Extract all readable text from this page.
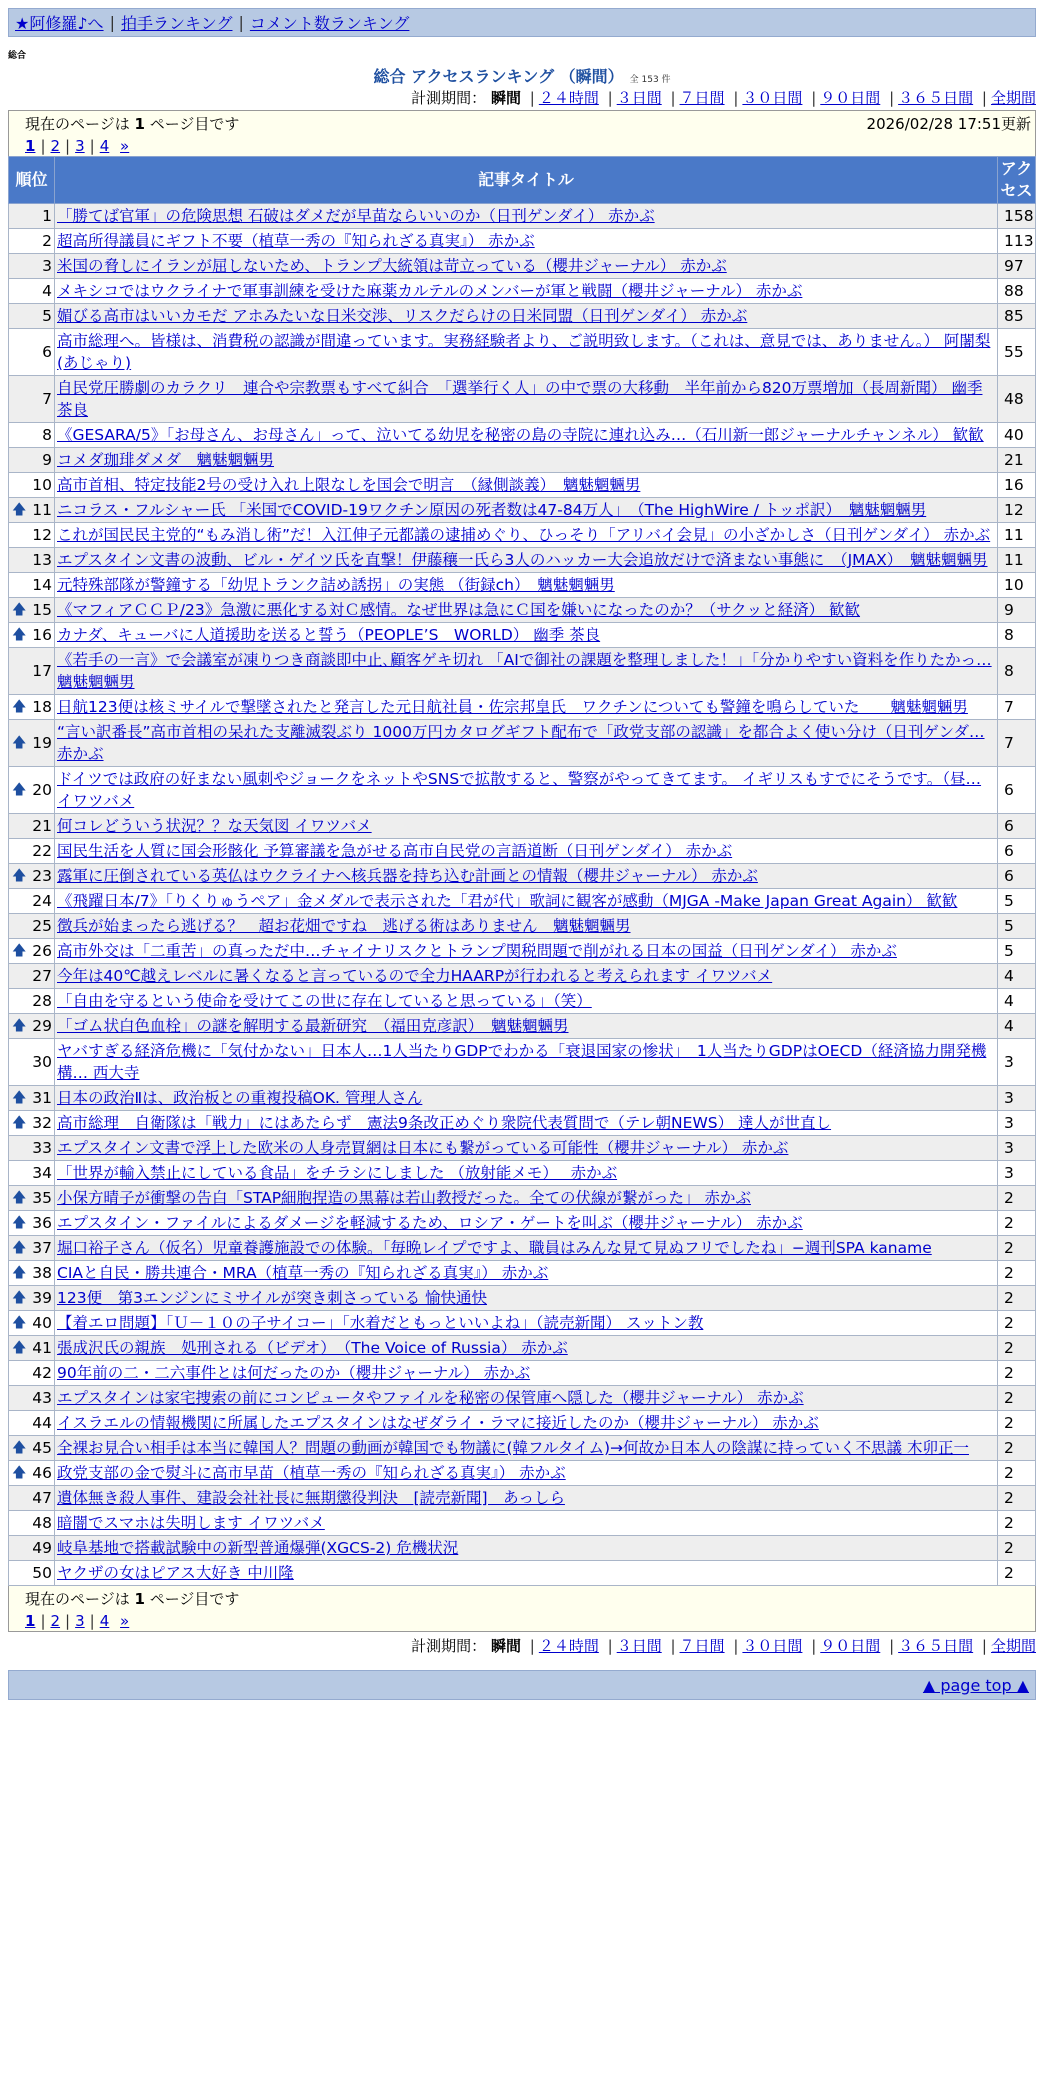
★阿修羅♪へ | 拍手ランキング | コメント数ランキング
総合
総合 アクセスランキング （瞬間） 全 153 件
計測期間： 瞬間 | ２４時間 | ３日間 | ７日間 | ３０日間 | ９０日間 | ３６５日間 | 全期間
現在のページは 1 ページ目です	2026/02/28 17:51更新
1 | 2 | 3 | 4 »
順位	記事タイトル	アクセス
1	「勝てば官軍」の危険思想 石破はダメだが早苗ならいいのか（日刊ゲンダイ） 赤かぶ	158
2	超高所得議員にギフト不要（植草一秀の『知られざる真実』） 赤かぶ	113
3	米国の脅しにイランが屈しないため、トランプ大統領は苛立っている（櫻井ジャーナル） 赤かぶ	97
4	メキシコではウクライナで軍事訓練を受けた麻薬カルテルのメンバーが軍と戦闘（櫻井ジャーナル） 赤かぶ	88
5	媚びる高市はいいカモだ アホみたいな日米交渉、リスクだらけの日米同盟（日刊ゲンダイ） 赤かぶ	85
6	高市総理へ。皆様は、消費税の認識が間違っています。実務経験者より、ご説明致します。（これは、意見では、ありません。） 阿闍梨(あじゃり)	55
7	自民党圧勝劇のカラクリ　連合や宗教票もすべて糾合　「選挙行く人」の中で票の大移動　半年前から820万票増加（長周新聞） 幽季 茶良	48
8	《GESARA/5》「お母さん、お母さん」って、泣いてる幼児を秘密の島の寺院に連れ込み…（石川新一郎ジャーナルチャンネル） 歓歓	40
9	コメダ珈琲ダメダ　魑魅魍魎男	21
10	高市首相、特定技能2号の受け入れ上限なしを国会で明言　（縁側談義）　魑魅魍魎男	16

🡅 11	ニコラス・フルシャー氏 「米国でCOVID-19ワクチン原因の死者数は47-84万人」　（The HighWire / トッポ訳）　魑魅魍魎男	12
12	これが国民民主党的“もみ消し術”だ！入江伸子元都議の逮捕めぐり、ひっそり「アリバイ会見」の小ざかしさ（日刊ゲンダイ） 赤かぶ	11
13	エプスタイン文書の波動、ビル・ゲイツ氏を直撃！伊藤穰一氏ら3人のハッカー大会追放だけで済まない事態に　（JMAX）　魑魅魍魎男	11
14	元特殊部隊が警鐘する「幼児トランク詰め誘拐」の実態 （街録ch）　魑魅魍魎男	10

🡅 15	《マフィアＣＣＰ/23》急激に悪化する対Ｃ感情。なぜ世界は急にＣ国を嫌いになったのか？（サクッと経済） 歓歓	9

🡅 16	カナダ、キューバに人道援助を送ると誓う（PEOPLE’S　WORLD） 幽季 茶良	8
17	《若手の一言》で会議室が凍りつき商談即中止､顧客ゲキ切れ 「AIで御社の課題を整理しました！」｢分かりやすい資料を作りたかっ… 魑魅魍魎男	8

🡅 18	日航123便は核ミサイルで撃墜されたと発言した元日航社員・佐宗邦皇氏　ワクチンについても警鐘を鳴らしていた　　魑魅魍魎男	7

🡅 19	“言い訳番長”高市首相の呆れた支離滅裂ぶり 1000万円カタログギフト配布で「政党支部の認識」を都合よく使い分け（日刊ゲンダ… 赤かぶ	7

🡅 20	ドイツでは政府の好まない風刺やジョークをネットやSNSで拡散すると、警察がやってきてます。 イギリスもすでにそうです。（昼… イワツバメ	6
21	何コレどういう状況？？な天気図 イワツバメ	6
22	国民生活を人質に国会形骸化 予算審議を急がせる高市自民党の言語道断（日刊ゲンダイ） 赤かぶ	6

🡅 23	露軍に圧倒されている英仏はウクライナへ核兵器を持ち込む計画との情報（櫻井ジャーナル） 赤かぶ	6
24	《飛躍日本/7》「りくりゅうペア」金メダルで表示された「君が代」歌詞に観客が感動（MJGA -Make Japan Great Again） 歓歓	5
25	徴兵が始まったら逃げる？　超お花畑ですね　逃げる術はありません　魑魅魍魎男	5

🡅 26	高市外交は「二重苦」の真っただ中…チャイナリスクとトランプ関税問題で削がれる日本の国益（日刊ゲンダイ） 赤かぶ	5
27	今年は40℃越えレベルに暑くなると言っているので全力HAARPが行われると考えられます イワツバメ	4
28	「自由を守るという使命を受けてこの世に存在していると思っている」（笑）	4

🡅 29	「ゴム状白色血栓」の謎を解明する最新研究　（福田克彦訳）　魑魅魍魎男	4
30	ヤバすぎる経済危機に「気付かない」日本人…1人当たりGDPでわかる「衰退国家の惨状」　1人当たりGDPはOECD（経済協力開発機構… 西大寺	3

🡅 31	日本の政治Ⅱは、政治板との重複投稿OK. 管理人さん	3

🡅 32	高市総理　自衛隊は「戦力」にはあたらず　憲法9条改正めぐり衆院代表質問で（テレ朝NEWS） 達人が世直し	3
33	エプスタイン文書で浮上した欧米の人身売買網は日本にも繋がっている可能性（櫻井ジャーナル） 赤かぶ	3
34	「世界が輸入禁止にしている食品」をチラシにしました （放射能メモ）　 赤かぶ	3

🡅 35	小保方晴子が衝撃の告白「STAP細胞捏造の黒幕は若山教授だった。全ての伏線が繋がった」 赤かぶ	2

🡅 36	エプスタイン・ファイルによるダメージを軽減するため、ロシア・ゲートを叫ぶ（櫻井ジャーナル） 赤かぶ	2

🡅 37	堀口裕子さん（仮名）児童養護施設での体験。「毎晩レイプですよ、職員はみんな見て見ぬフリでしたね」−週刊SPA kaname	2

🡅 38	CIAと自民・勝共連合・MRA（植草一秀の『知られざる真実』） 赤かぶ	2

🡅 39	123便　第3エンジンにミサイルが突き刺さっている 愉快通快	2

🡅 40	【着エロ問題】「Ｕ－１０の子サイコー」「水着だともっといいよね」（読売新聞） スットン教	2

🡅 41	張成沢氏の親族　処刑される（ビデオ）　（The Voice of Russia） 赤かぶ	2
42	90年前の二・二六事件とは何だったのか（櫻井ジャーナル） 赤かぶ	2
43	エプスタインは家宅捜索の前にコンピュータやファイルを秘密の保管庫へ隠した（櫻井ジャーナル） 赤かぶ	2
44	イスラエルの情報機関に所属したエプスタインはなぜダライ・ラマに接近したのか（櫻井ジャーナル） 赤かぶ	2

🡅 45	全裸お見合い相手は本当に韓国人？問題の動画が韓国でも物議に(韓フルタイム)→何故か日本人の陰謀に持っていく不思議 木卯正一	2

🡅 46	政党支部の金で熨斗に高市早苗（植草一秀の『知られざる真実』） 赤かぶ	2
47	遺体無き殺人事件、建設会社社長に無期懲役判決　[読売新聞]　あっしら	2
48	暗闇でスマホは失明します イワツバメ	2
49	岐阜基地で搭載試験中の新型普通爆弾(XGCS-2) 危機状況	2
50	ヤクザの女はピアス大好き 中川隆	2
現在のページは 1 ページ目です
1 | 2 | 3 | 4 »
計測期間： 瞬間 | ２４時間 | ３日間 | ７日間 | ３０日間 | ９０日間 | ３６５日間 | 全期間
▲ page top ▲
